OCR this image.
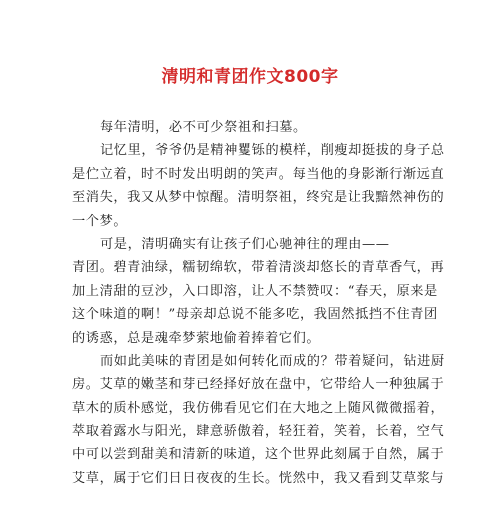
清明和青团作文800字
每年清明，必不可少祭祖和扫墓。
记忆里，爷爷仍是精神矍铄的模样，削瘦却挺拔的身子总
是伫立着，时不时发出明朗的笑声。每当他的身影渐行渐远直
至消失，我又从梦中惊醒。清明祭祖，终究是让我黯然神伤的
一个梦。
可是，清明确实有让孩子们心驰神往的理由——
青团。碧青油绿，糯韧绵软，带着清淡却悠长的青草香气，再
加上清甜的豆沙，入口即溶，让人不禁赞叹：“春天，原来是
这个味道的啊！”母亲却总说不能多吃，我固然抵挡不住青团
的诱惑，总是魂牵梦萦地偷着捧着它们。
而如此美味的青团是如何转化而成的？带着疑问，钻进厨
房。艾草的嫩茎和芽已经择好放在盘中，它带给人一种独属于
草木的质朴感觉，我仿佛看见它们在大地之上随风微微摇着，
萃取着露水与阳光，肆意骄傲着，轻狂着，笑着，长着，空气
中可以尝到甜美和清新的味道，这个世界此刻属于自然，属于
艾草，属于它们日日夜夜的生长。恍然中，我又看到艾草浆与
